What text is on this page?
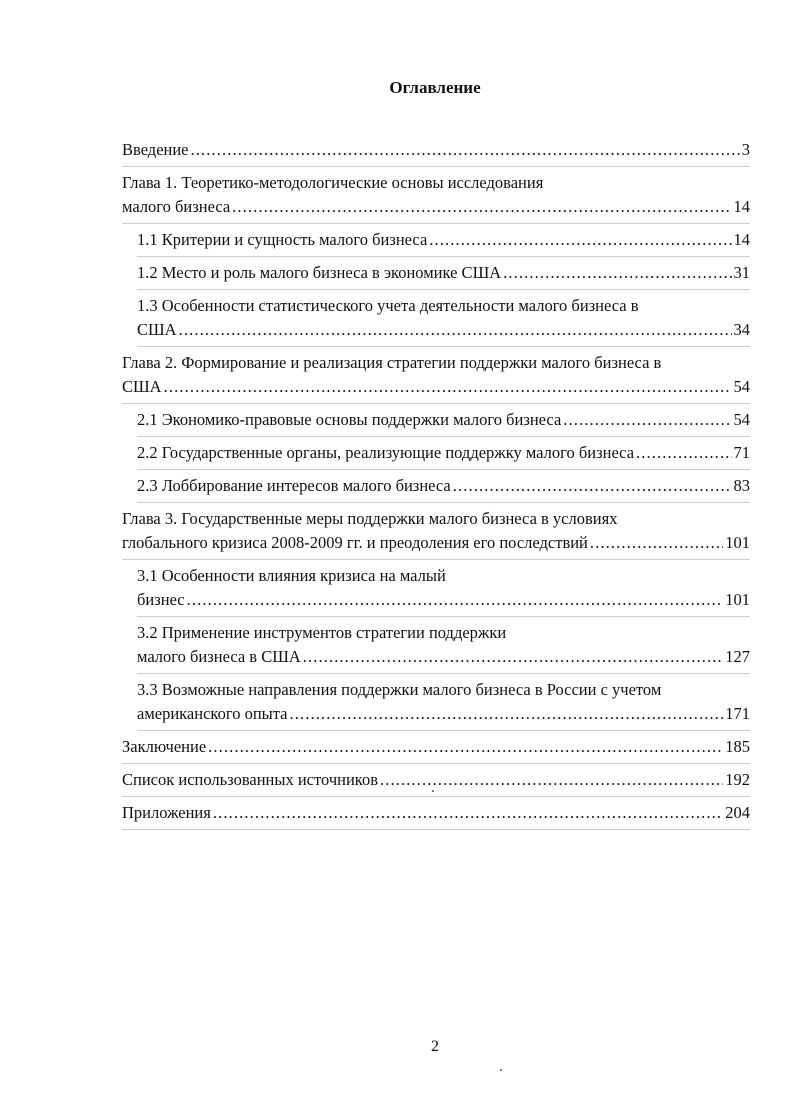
Оглавление
Введение . . .	3
Глава 1. Теоретико-методологические основы исследования
малого бизнеса . . .	14
1.1 Критерии и сущность малого бизнеса . . .	14
1.2 Место и роль малого бизнеса в экономике США . . .	31
1.3 Особенности статистического учета деятельности малого бизнеса в
США . . .	34
Глава 2. Формирование и реализация стратегии поддержки малого бизнеса в
США . . .	54
2.1 Экономико-правовые основы поддержки малого бизнеса . . .	54
2.2 Государственные органы, реализующие поддержку малого бизнеса . . .	71
2.3 Лоббирование интересов малого бизнеса . . .	83
Глава 3. Государственные меры поддержки малого бизнеса в условиях
глобального кризиса 2008-2009 гг. и преодоления его последствий . . .	101
3.1 Особенности влияния кризиса на малый
бизнес . . .	101
3.2 Применение инструментов стратегии поддержки
малого бизнеса в США . . .	127
3.3 Возможные направления поддержки малого бизнеса в России с учетом
американского опыта . . .	171
Заключение . . .	185
Список использованных источников . . .	192
Приложения . . .	204
2
